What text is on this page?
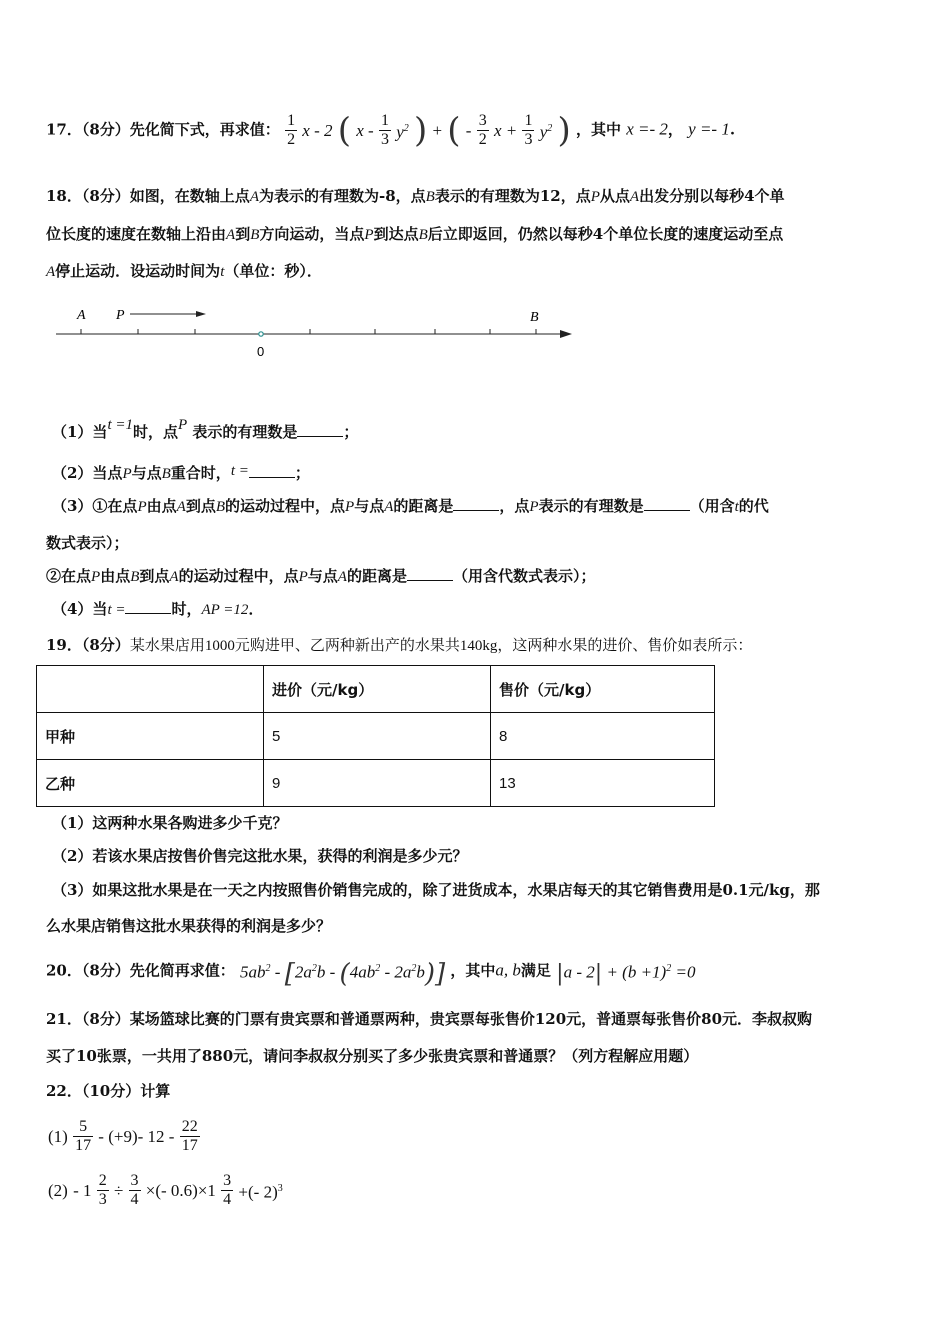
17．（8分）先化简下式，再求值： $\frac{1}{2}$ x - 2 ( x - $\frac{1}{3} y^2$ ) + ( - $\frac{3}{2}$ $x + \frac{1}{3} y^2$ ) ，其中 x =- 2， y =- 1.
18．（8分）如图，在数轴上点A为表示的有理数为-8，点B表示的有理数为12，点P从点A出发分别以每秒4个单
位长度的速度在数轴上沿由A到B方向运动，当点P到达点B后立即返回，仍然以每秒4个单位长度的速度运动至点
A停止运动．设运动时间为t（单位：秒）．
A P	B
0
（1）当t =1时，点P 表示的有理数是	；
（2）当点P与点B重合时，t =	；
（3）①在点P由点A到点B的运动过程中，点P与点A的距离是	，点P表示的有理数是	（用含t的代
数式表示）；
②在点P由点B到点A的运动过程中，点P与点A的距离是	（用含代数式表示）；
（4）当t =	时，AP =12．
19．（8分）某水果店用1000元购进甲、乙两种新出产的水果共140kg，这两种水果的进价、售价如表所示：
	进价（元/kg）	售价（元/kg）
甲种	5	8
乙种	9	13
（1）这两种水果各购进多少千克？
（2）若该水果店按售价售完这批水果，获得的利润是多少元？
（3）如果这批水果是在一天之内按照售价销售完成的，除了进货成本，水果店每天的其它销售费用是0.1元/kg，那
么水果店销售这批水果获得的利润是多少？
20．（8分）先化简再求值： $5ab^2 - [2a^2b - (4ab^2 - 2a^2b)]$ ，其中a, b满足 $|a - 2| + (b +1)^2 =0$
21．（8分）某场篮球比赛的门票有贵宾票和普通票两种，贵宾票每张售价120元，普通票每张售价80元．李叔叔购
买了10张票，一共用了880元，请问李叔叔分别买了多少张贵宾票和普通票？（列方程解应用题）
22．（10分）计算
$(1) \frac{5}{17} - (+9)-$ $12 - \frac{22}{17}$
$(2) - 1 \frac{2}{3} \div \frac{3}{4}$ ×(- $0.6)\times 1 \frac{3}{4}$ +(- 2)$^3$
